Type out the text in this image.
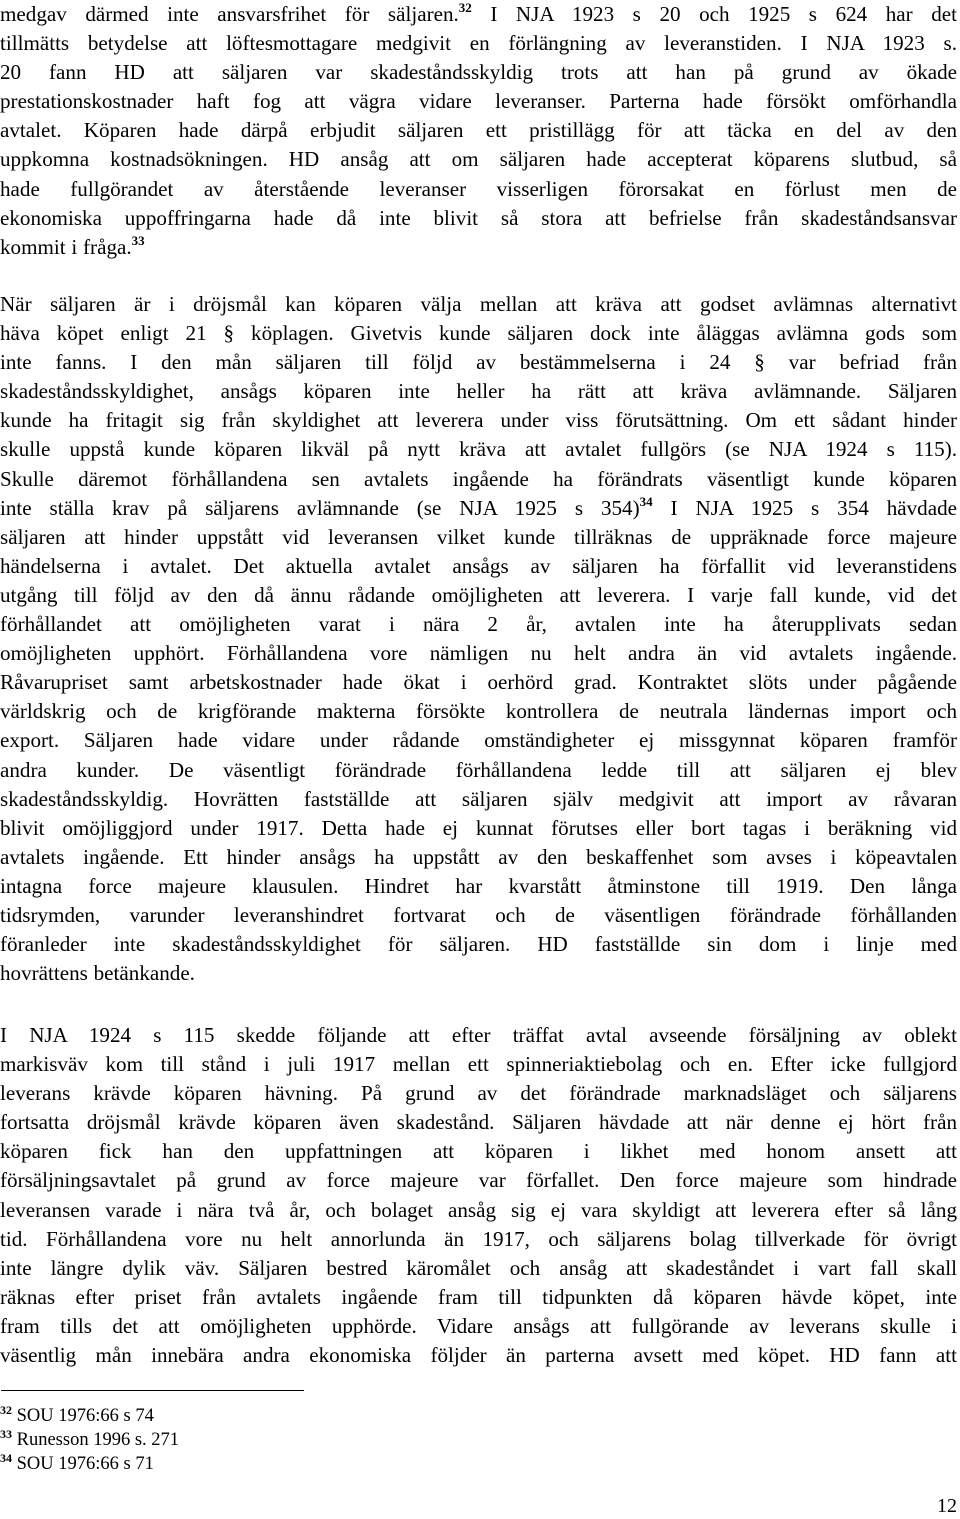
medgav därmed inte ansvarsfrihet för säljaren.$^{32}$ I NJA 1923 s 20 och 1925 s 624 har det
tillmätts betydelse att löftesmottagare medgivit en förlängning av leveranstiden. I NJA 1923 s.
20 fann HD att säljaren var skadeståndsskyldig trots att han på grund av ökade
prestationskostnader haft fog att vägra vidare leveranser. Parterna hade försökt omförhandla
avtalet. Köparen hade därpå erbjudit säljaren ett pristillägg för att täcka en del av den
uppkomna kostnadsökningen. HD ansåg att om säljaren hade accepterat köparens slutbud, så
hade fullgörandet av återstående leveranser visserligen förorsakat en förlust men de
ekonomiska uppoffringarna hade då inte blivit så stora att befrielse från skadeståndsansvar
kommit i fråga.$^{33}$
När säljaren är i dröjsmål kan köparen välja mellan att kräva att godset avlämnas alternativt
häva köpet enligt 21 § köplagen. Givetvis kunde säljaren dock inte åläggas avlämna gods som
inte fanns. I den mån säljaren till följd av bestämmelserna i 24 § var befriad från
skadeståndsskyldighet, ansågs köparen inte heller ha rätt att kräva avlämnande. Säljaren
kunde ha fritagit sig från skyldighet att leverera under viss förutsättning. Om ett sådant hinder
skulle uppstå kunde köparen likväl på nytt kräva att avtalet fullgörs (se NJA 1924 s 115).
Skulle däremot förhållandena sen avtalets ingående ha förändrats väsentligt kunde köparen
inte ställa krav på säljarens avlämnande (se NJA 1925 s 354)$^{34}$ I NJA 1925 s 354 hävdade
säljaren att hinder uppstått vid leveransen vilket kunde tillräknas de uppräknade force majeure
händelserna i avtalet. Det aktuella avtalet ansågs av säljaren ha förfallit vid leveranstidens
utgång till följd av den då ännu rådande omöjligheten att leverera. I varje fall kunde, vid det
förhållandet att omöjligheten varat i nära 2 år, avtalen inte ha återupplivats sedan
omöjligheten upphört. Förhållandena vore nämligen nu helt andra än vid avtalets ingående.
Råvarupriset samt arbetskostnader hade ökat i oerhörd grad. Kontraktet slöts under pågående
världskrig och de krigförande makterna försökte kontrollera de neutrala ländernas import och
export. Säljaren hade vidare under rådande omständigheter ej missgynnat köparen framför
andra kunder. De väsentligt förändrade förhållandena ledde till att säljaren ej blev
skadeståndsskyldig. Hovrätten fastställde att säljaren själv medgivit att import av råvaran
blivit omöjliggjord under 1917. Detta hade ej kunnat förutses eller bort tagas i beräkning vid
avtalets ingående. Ett hinder ansågs ha uppstått av den beskaffenhet som avses i köpeavtalen
intagna force majeure klausulen. Hindret har kvarstått åtminstone till 1919. Den långa
tidsrymden, varunder leveranshindret fortvarat och de väsentligen förändrade förhållanden
föranleder inte skadeståndsskyldighet för säljaren. HD fastställde sin dom i linje med
hovrättens betänkande.
I NJA 1924 s 115 skedde följande att efter träffat avtal avseende försäljning av oblekt
markisväv kom till stånd i juli 1917 mellan ett spinneriaktiebolag och en. Efter icke fullgjord
leverans krävde köparen hävning. På grund av det förändrade marknadsläget och säljarens
fortsatta dröjsmål krävde köparen även skadestånd. Säljaren hävdade att när denne ej hört från
köparen fick han den uppfattningen att köparen i likhet med honom ansett att
försäljningsavtalet på grund av force majeure var förfallet. Den force majeure som hindrade
leveransen varade i nära två år, och bolaget ansåg sig ej vara skyldigt att leverera efter så lång
tid. Förhållandena vore nu helt annorlunda än 1917, och säljarens bolag tillverkade för övrigt
inte längre dylik väv. Säljaren bestred käromålet och ansåg att skadeståndet i vart fall skall
räknas efter priset från avtalets ingående fram till tidpunkten då köparen hävde köpet, inte
fram tills det att omöjligheten upphörde. Vidare ansågs att fullgörande av leverans skulle i
väsentlig mån innebära andra ekonomiska följder än parterna avsett med köpet. HD fann att
$^{32}$ SOU 1976:66 s 74
$^{33}$ Runesson 1996 s. 271
$^{34}$ SOU 1976:66 s 71
12
